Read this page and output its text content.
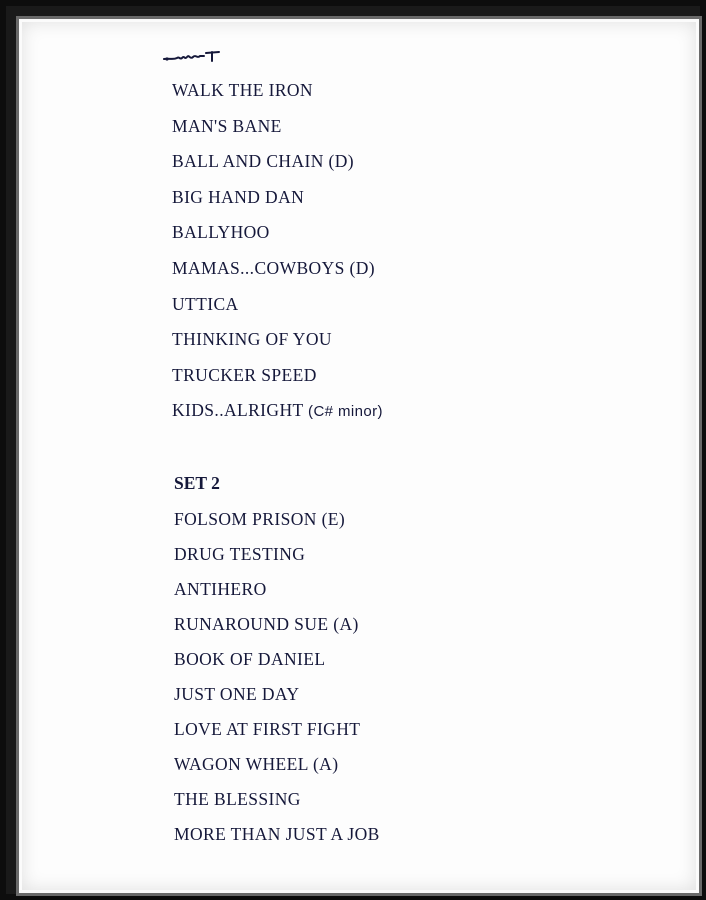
WALK THE IRON
MAN'S BANE
BALL AND CHAIN (D)
BIG HAND DAN
BALLYHOO
MAMAS...COWBOYS (D)
UTTICA
THINKING OF YOU
TRUCKER SPEED
KIDS..ALRIGHT (C# minor)
SET 2
FOLSOM PRISON (E)
DRUG TESTING
ANTIHERO
RUNAROUND SUE (A)
BOOK OF DANIEL
JUST ONE DAY
LOVE AT FIRST FIGHT
WAGON WHEEL (A)
THE BLESSING
MORE THAN JUST A JOB
